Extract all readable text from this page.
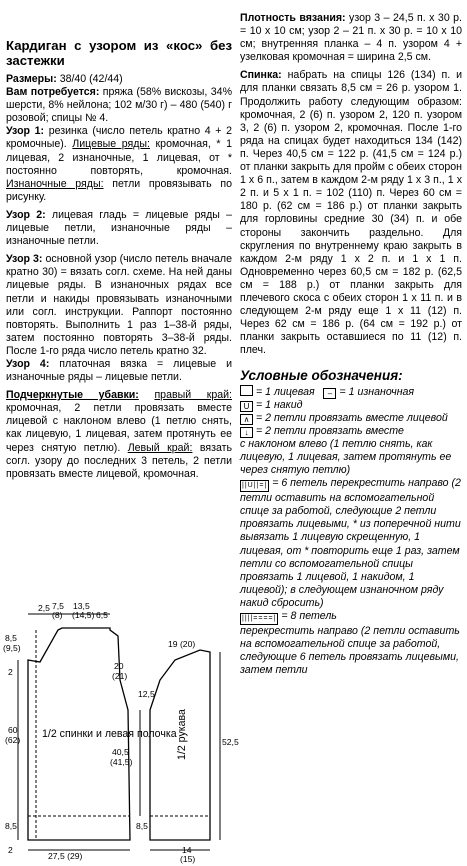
Кардиган с узором из «кос» без застежки

Размеры: 38/40 (42/44)

Вам потребуется: пряжа (58% вискозы, 34% шерсти, 8% нейлона; 102 м/30 г) – 480 (540) г розовой; спицы № 4.

Узор 1: резинка (число петель кратно 4 + 2 кромочные). Лицевые ряды: кромочная, * 1 лицевая, 2 изнаночные, 1 лицевая, от * постоянно повторять, кромочная. Изнаночные ряды: петли провязывать по рисунку.

Узор 2: лицевая гладь = лицевые ряды – лицевые петли, изнаночные ряды – изнаночные петли.

Узор 3: основной узор (число петель вначале кратно 30) = вязать согл. схеме. На ней даны лицевые ряды. В изнаночных рядах все петли и накиды провязывать изнаночными или согл. инструкции. Раппорт постоянно повторять. Выполнить 1 раз 1–38-й ряды, затем постоянно повторять 3–38-й ряды. После 1-го ряда число петель кратно 32.

Узор 4: платочная вязка = лицевые и изнаночные ряды – лицевые петли.

Подчеркнутые убавки: правый край: кромочная, 2 петли провязать вместе лицевой с наклоном влево (1 петлю снять, как лицевую, 1 лицевая, затем протянуть ее через снятую петлю). Левый край: вязать согл. узору до последних 3 петель, 2 петли провязать вместе лицевой, кромочная.

Плотность вязания: узор 3 – 24,5 п. x 30 р. = 10 x 10 см; узор 2 – 21 п. x 30 р. = 10 x 10 см; внутренняя планка – 4 п. узором 4 + узелковая кромочная = ширина 2,5 см.

Спинка: набрать на спицы 126 (134) п. и для планки связать 8,5 см = 26 р. узором 1. Продолжить работу следующим образом: кромочная, 2 (6) п. узором 2, 120 п. узором 3, 2 (6) п. узором 2, кромочная. После 1-го ряда на спицах будет находиться 134 (142) п. Через 40,5 см = 122 р. (41,5 см = 124 р.) от планки закрыть для пройм с обеих сторон 1 x 6 п., затем в каждом 2-м ряду 1 x 3 п., 1 x 2 п. и 5 x 1 п. = 102 (110) п. Через 60 см = 180 р. (62 см = 186 р.) от планки закрыть для горловины средние 30 (34) п. и обе стороны закончить раздельно. Для скругления по внутреннему краю закрыть в каждом 2-м ряду 1 x 2 п. и 1 x 1 п. Одновременно через 60,5 см = 182 р. (62,5 см = 188 р.) от планки закрыть для плечевого скоса с обеих сторон 1 x 11 п. и в следующем 2-м ряду еще 1 x 11 (12) п. Через 62 см = 186 р. (64 см = 192 р.) от планки закрыть оставшиеся по 11 (12) п. плеч.

Условные обозначения:
= 1 лицевая – = 1 изнаночная
U = 1 накид
∧ = 2 петли провязать вместе лицевой
↓ = 2 петли провязать вместе
с наклоном влево (1 петлю снять, как лицевую, 1 лицевая, затем протянуть ее через снятую петлю)
||U||=| = 6 петель перекрестить направо (2 петли оставить на вспомогательной спице за работой, следующие 2 петли провязать лицевыми, * из поперечной нити вывязать 1 лицевую скрещенную, 1 лицевая, от * повторить еще 1 раз, затем петли со вспомогательной спицы провязать 1 лицевой, 1 накидом, 1 лицевой); в следующем изнаночном ряду накид сбросить)
||||====| = 8 петель
перекрестить направо (2 петли оставить на вспомогательной спице за работой, следующие 6 петель провязать лицевыми, затем петли
2,5 7,5
(8)
13,5
(14,5) 6,5
8,5
(9,5)
2
60
(62) 1/2 спинки и левая полочка
40,5
(41,5)
8,5
2
27,5 (29)
19 (20)
20
(21)
12,5
1/2 рукава	52,5
8,5
14
(15)
